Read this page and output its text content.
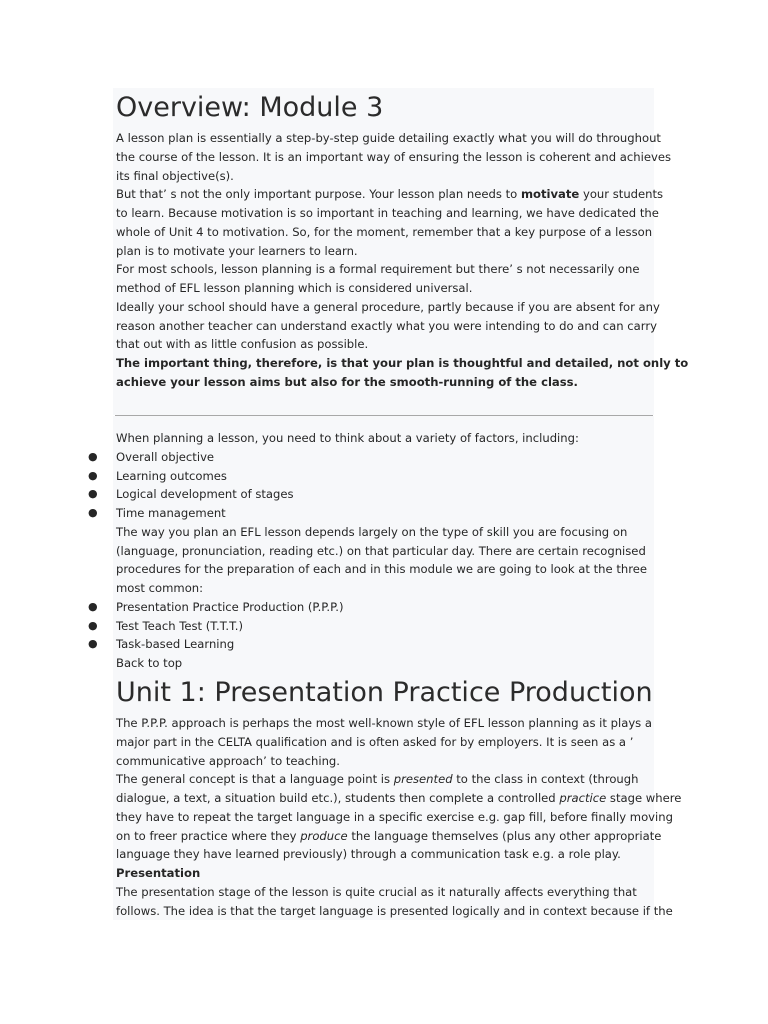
Overview: Module 3
A lesson plan is essentially a step-by-step guide detailing exactly what you will do throughout
the course of the lesson. It is an important way of ensuring the lesson is coherent and achieves
its final objective(s).
But that’ s not the only important purpose. Your lesson plan needs to motivate your students
to learn. Because motivation is so important in teaching and learning, we have dedicated the
whole of Unit 4 to motivation. So, for the moment, remember that a key purpose of a lesson
plan is to motivate your learners to learn.
For most schools, lesson planning is a formal requirement but there’ s not necessarily one
method of EFL lesson planning which is considered universal.
Ideally your school should have a general procedure, partly because if you are absent for any
reason another teacher can understand exactly what you were intending to do and can carry
that out with as little confusion as possible.
The important thing, therefore, is that your plan is thoughtful and detailed, not only to
achieve your lesson aims but also for the smooth-running of the class.
When planning a lesson, you need to think about a variety of factors, including:
Overall objective
Learning outcomes
Logical development of stages
Time management
The way you plan an EFL lesson depends largely on the type of skill you are focusing on
(language, pronunciation, reading etc.) on that particular day. There are certain recognised
procedures for the preparation of each and in this module we are going to look at the three
most common:
Presentation Practice Production (P.P.P.)
Test Teach Test (T.T.T.)
Task-based Learning
Back to top
Unit 1: Presentation Practice Production
The P.P.P. approach is perhaps the most well-known style of EFL lesson planning as it plays a
major part in the CELTA qualification and is often asked for by employers. It is seen as a ’
communicative approach’ to teaching.
The general concept is that a language point is presented to the class in context (through
dialogue, a text, a situation build etc.), students then complete a controlled practice stage where
they have to repeat the target language in a specific exercise e.g. gap fill, before finally moving
on to freer practice where they produce the language themselves (plus any other appropriate
language they have learned previously) through a communication task e.g. a role play.
Presentation
The presentation stage of the lesson is quite crucial as it naturally affects everything that
follows. The idea is that the target language is presented logically and in context because if the
●
●
●
●
●
●
●
